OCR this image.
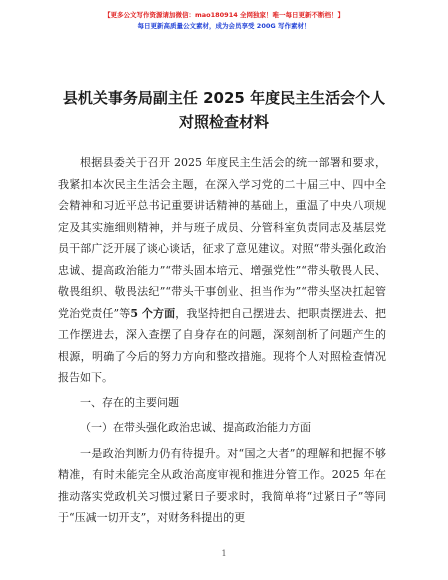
【更多公文写作资源请加微信：mao180914 全网独家！唯一每日更新不断档！】
每日更新高质量公文素材，成为会员享受 200G 写作素材！
县机关事务局副主任 2025 年度民主生活会个人
对照检查材料

根据县委关于召开 2025 年度民主生活会的统一部署和要求，我紧扣本次民主生活会主题，在深入学习党的二十届三中、四中全会精神和习近平总书记重要讲话精神的基础上，重温了中央八项规定及其实施细则精神，并与班子成员、分管科室负责同志及基层党员干部广泛开展了谈心谈话，征求了意见建议。对照“带头强化政治忠诚、提高政治能力”“带头固本培元、增强党性”“带头敬畏人民、敬畏组织、敬畏法纪”“带头干事创业、担当作为”“带头坚决扛起管党治党责任”等5 个方面，我坚持把自己摆进去、把职责摆进去、把工作摆进去，深入查摆了自身存在的问题，深刻剖析了问题产生的根源，明确了今后的努力方向和整改措施。现将个人对照检查情况报告如下。

一、存在的主要问题

（一）在带头强化政治忠诚、提高政治能力方面

一是政治判断力仍有待提升。对“国之大者”的理解和把握不够精准，有时未能完全从政治高度审视和推进分管工作。2025 年在推动落实党政机关习惯过紧日子要求时，我简单将“过紧日子”等同于“压减一切开支”，对财务科提出的更

1
